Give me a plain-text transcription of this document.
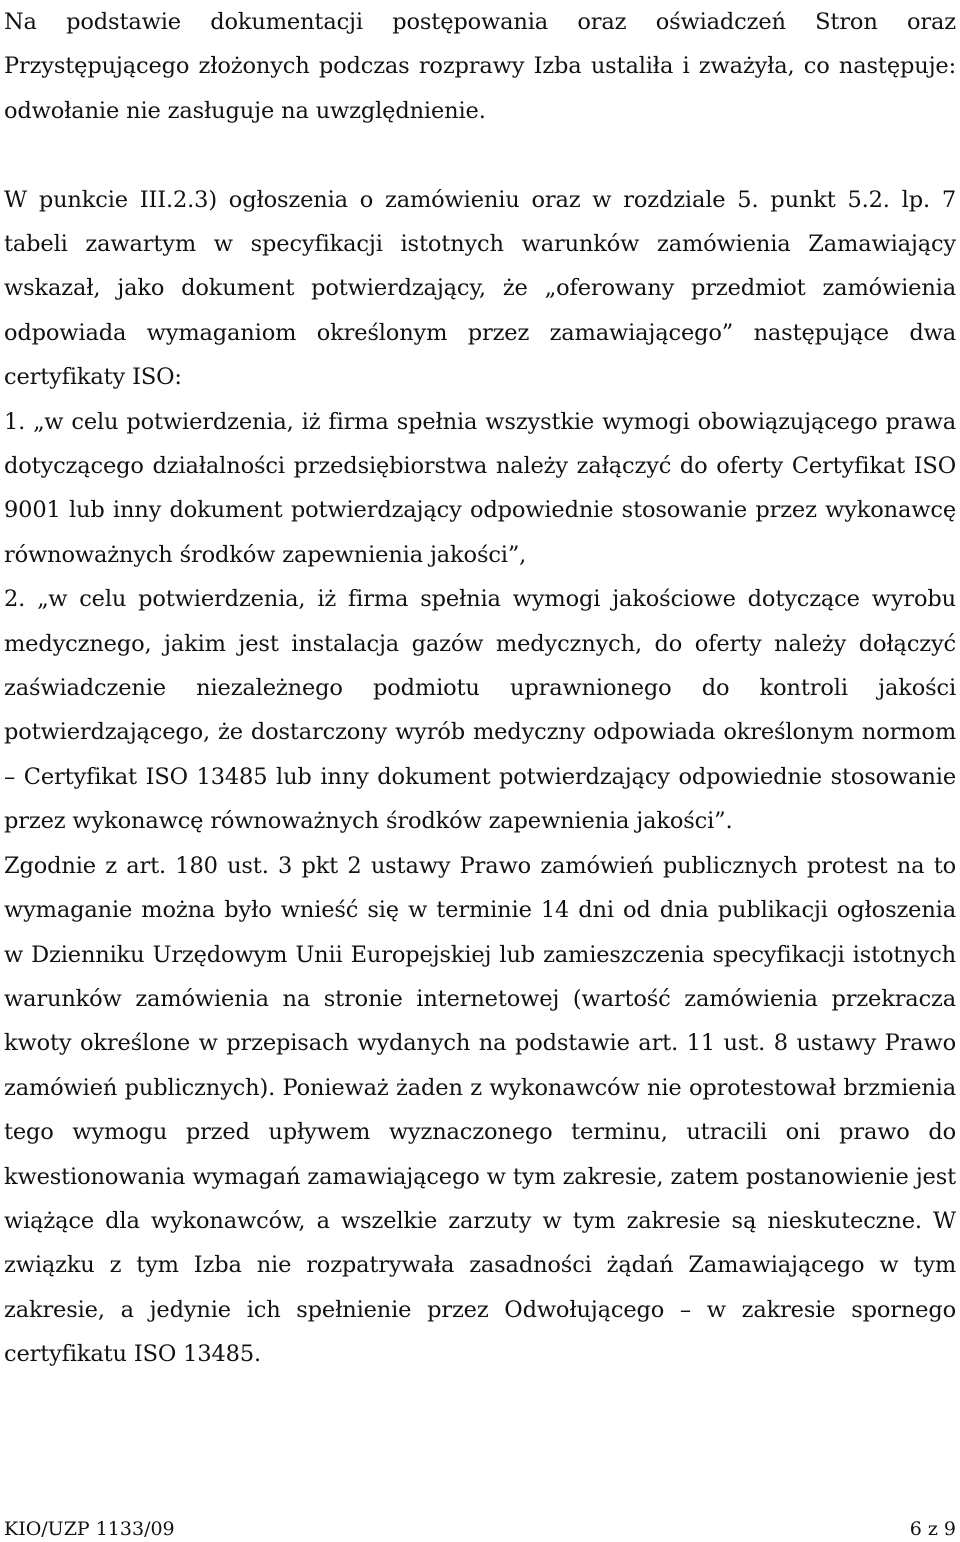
Na podstawie dokumentacji postępowania oraz oświadczeń Stron oraz Przystępującego złożonych podczas rozprawy Izba ustaliła i zważyła, co następuje: odwołanie nie zasługuje na uwzględnienie.

W punkcie III.2.3) ogłoszenia o zamówieniu oraz w rozdziale 5. punkt 5.2. lp. 7 tabeli zawartym w specyfikacji istotnych warunków zamówienia Zamawiający wskazał, jako dokument potwierdzający, że „oferowany przedmiot zamówienia odpowiada wymaganiom określonym przez zamawiającego” następujące dwa certyfikaty ISO:

1. „w celu potwierdzenia, iż firma spełnia wszystkie wymogi obowiązującego prawa dotyczącego działalności przedsiębiorstwa należy załączyć do oferty Certyfikat ISO 9001 lub inny dokument potwierdzający odpowiednie stosowanie przez wykonawcę równoważnych środków zapewnienia jakości”,

2. „w celu potwierdzenia, iż firma spełnia wymogi jakościowe dotyczące wyrobu medycznego, jakim jest instalacja gazów medycznych, do oferty należy dołączyć zaświadczenie niezależnego podmiotu uprawnionego do kontroli jakości potwierdzającego, że dostarczony wyrób medyczny odpowiada określonym normom – Certyfikat ISO 13485 lub inny dokument potwierdzający odpowiednie stosowanie przez wykonawcę równoważnych środków zapewnienia jakości”.

Zgodnie z art. 180 ust. 3 pkt 2 ustawy Prawo zamówień publicznych protest na to wymaganie można było wnieść się w terminie 14 dni od dnia publikacji ogłoszenia w Dzienniku Urzędowym Unii Europejskiej lub zamieszczenia specyfikacji istotnych warunków zamówienia na stronie internetowej (wartość zamówienia przekracza kwoty określone w przepisach wydanych na podstawie art. 11 ust. 8 ustawy Prawo zamówień publicznych). Ponieważ żaden z wykonawców nie oprotestował brzmienia tego wymogu przed upływem wyznaczonego terminu, utracili oni prawo do kwestionowania wymagań zamawiającego w tym zakresie, zatem postanowienie jest wiążące dla wykonawców, a wszelkie zarzuty w tym zakresie są nieskuteczne. W związku z tym Izba nie rozpatrywała zasadności żądań Zamawiającego w tym zakresie, a jedynie ich spełnienie przez Odwołującego – w zakresie spornego certyfikatu ISO 13485.

KIO/UZP 1133/09	6 z 9
